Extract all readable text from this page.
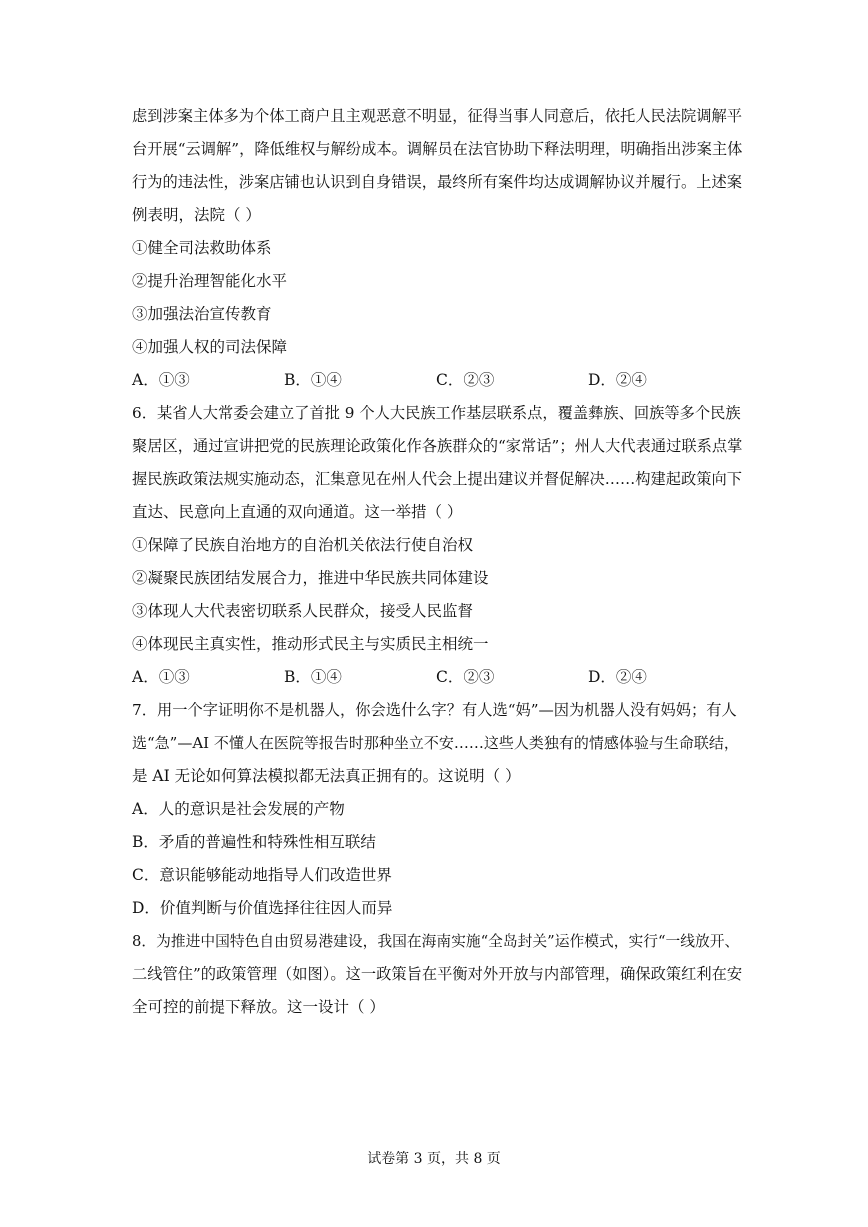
虑到涉案主体多为个体工商户且主观恶意不明显，征得当事人同意后，依托人民法院调解平

台开展“云调解”，降低维权与解纷成本。调解员在法官协助下释法明理，明确指出涉案主体

行为的违法性，涉案店铺也认识到自身错误，最终所有案件均达成调解协议并履行。上述案

例表明，法院（ ）

①健全司法救助体系

②提升治理智能化水平

③加强法治宣传教育

④加强人权的司法保障

A．①③	B．①④	C．②③	D．②④

6．某省人大常委会建立了首批 9 个人大民族工作基层联系点，覆盖彝族、回族等多个民族

聚居区，通过宣讲把党的民族理论政策化作各族群众的“家常话”；州人大代表通过联系点掌

握民族政策法规实施动态，汇集意见在州人代会上提出建议并督促解决……构建起政策向下

直达、民意向上直通的双向通道。这一举措（ ）

①保障了民族自治地方的自治机关依法行使自治权

②凝聚民族团结发展合力，推进中华民族共同体建设

③体现人大代表密切联系人民群众，接受人民监督

④体现民主真实性，推动形式民主与实质民主相统一

A．①③	B．①④	C．②③	D．②④

7．用一个字证明你不是机器人，你会选什么字？有人选“妈”—因为机器人没有妈妈；有人

选“急”—AI 不懂人在医院等报告时那种坐立不安……这些人类独有的情感体验与生命联结，

是 AI 无论如何算法模拟都无法真正拥有的。这说明（ ）

A．人的意识是社会发展的产物

B．矛盾的普遍性和特殊性相互联结

C．意识能够能动地指导人们改造世界

D．价值判断与价值选择往往因人而异

8．为推进中国特色自由贸易港建设，我国在海南实施“全岛封关”运作模式，实行“一线放开、

二线管住”的政策管理（如图）。这一政策旨在平衡对外开放与内部管理，确保政策红利在安

全可控的前提下释放。这一设计（ ）

试卷第 3 页，共 8 页
